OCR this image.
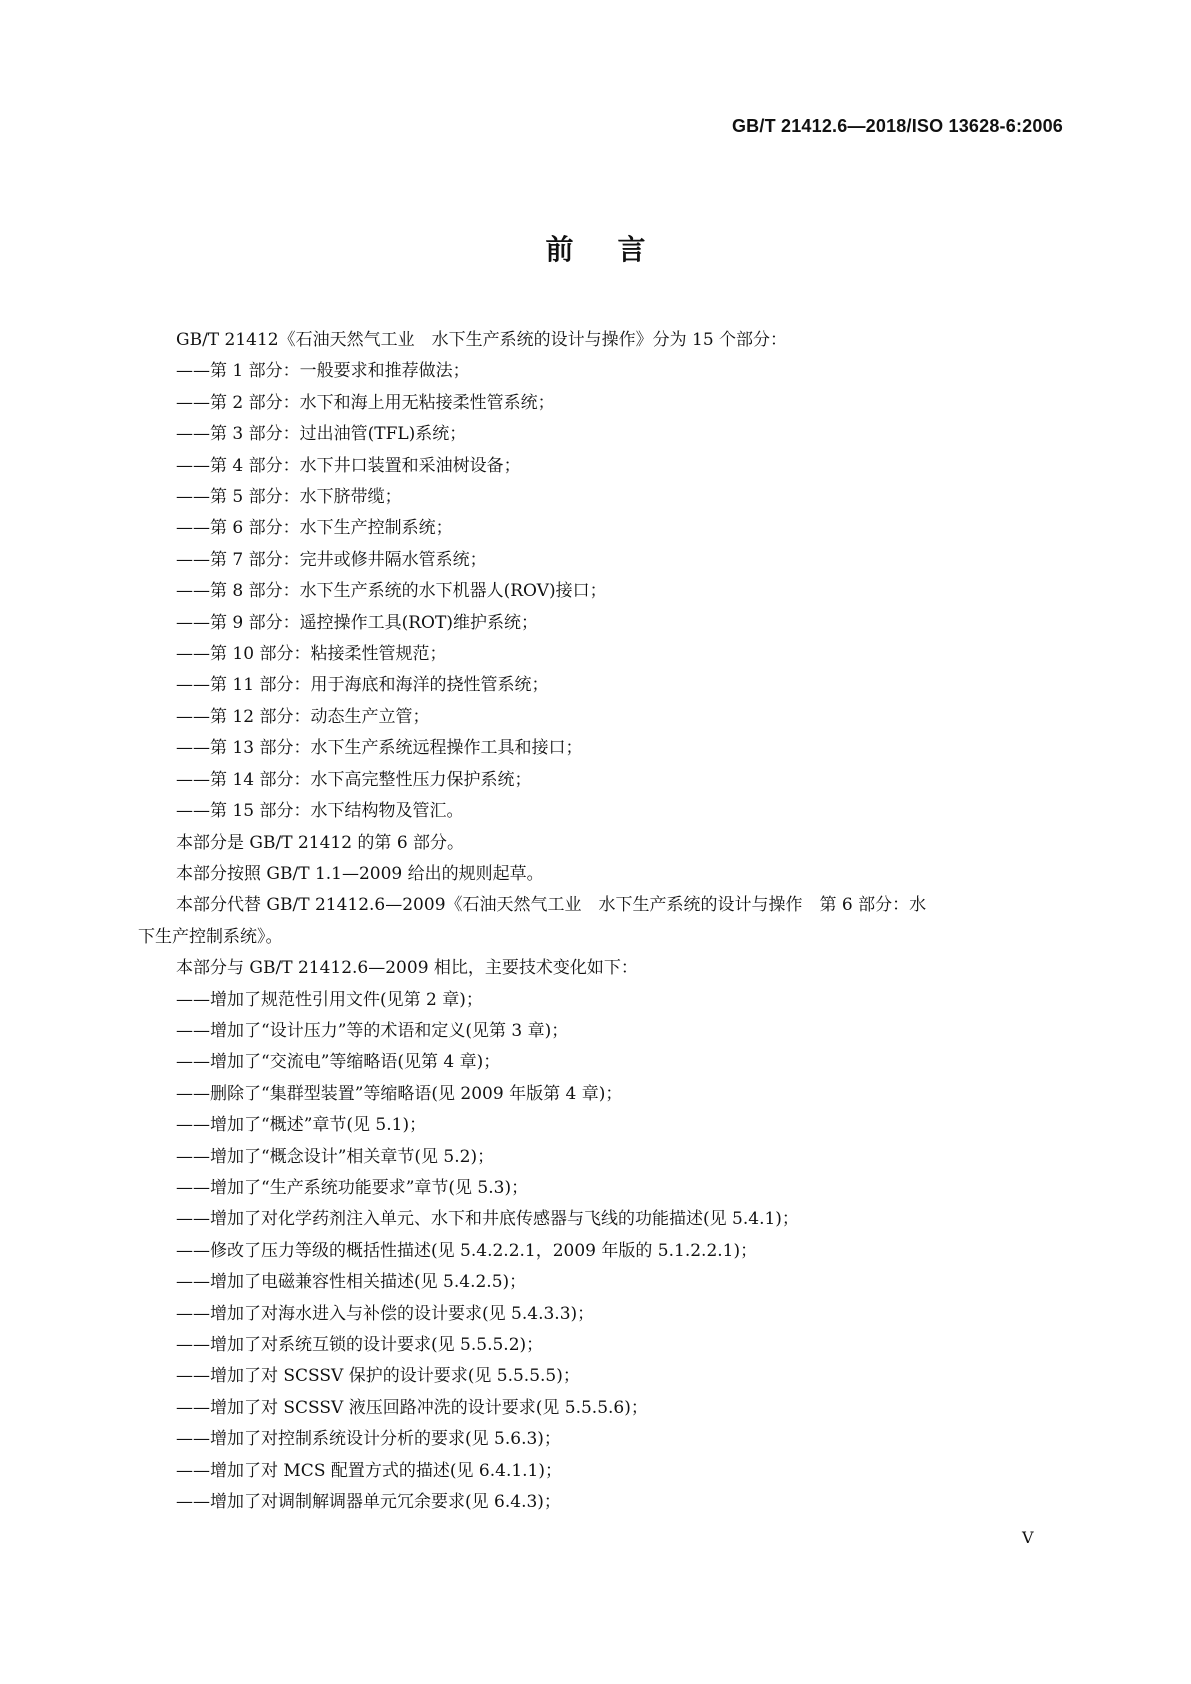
GB/T 21412.6—2018/ISO 13628-6:2006

前言

GB/T 21412《石油天然气工业　水下生产系统的设计与操作》分为 15 个部分：

——第 1 部分：一般要求和推荐做法；

——第 2 部分：水下和海上用无粘接柔性管系统；

——第 3 部分：过出油管(TFL)系统；

——第 4 部分：水下井口装置和采油树设备；

——第 5 部分：水下脐带缆；

——第 6 部分：水下生产控制系统；

——第 7 部分：完井或修井隔水管系统；

——第 8 部分：水下生产系统的水下机器人(ROV)接口；

——第 9 部分：遥控操作工具(ROT)维护系统；

——第 10 部分：粘接柔性管规范；

——第 11 部分：用于海底和海洋的挠性管系统；

——第 12 部分：动态生产立管；

——第 13 部分：水下生产系统远程操作工具和接口；

——第 14 部分：水下高完整性压力保护系统；

——第 15 部分：水下结构物及管汇。

本部分是 GB/T 21412 的第 6 部分。

本部分按照 GB/T 1.1—2009 给出的规则起草。

本部分代替 GB/T 21412.6—2009《石油天然气工业　水下生产系统的设计与操作　第 6 部分：水

下生产控制系统》。

本部分与 GB/T 21412.6—2009 相比，主要技术变化如下：

——增加了规范性引用文件(见第 2 章)；

——增加了“设计压力”等的术语和定义(见第 3 章)；

——增加了“交流电”等缩略语(见第 4 章)；

——删除了“集群型装置”等缩略语(见 2009 年版第 4 章)；

——增加了“概述”章节(见 5.1)；

——增加了“概念设计”相关章节(见 5.2)；

——增加了“生产系统功能要求”章节(见 5.3)；

——增加了对化学药剂注入单元、水下和井底传感器与飞线的功能描述(见 5.4.1)；

——修改了压力等级的概括性描述(见 5.4.2.2.1，2009 年版的 5.1.2.2.1)；

——增加了电磁兼容性相关描述(见 5.4.2.5)；

——增加了对海水进入与补偿的设计要求(见 5.4.3.3)；

——增加了对系统互锁的设计要求(见 5.5.5.2)；

——增加了对 SCSSV 保护的设计要求(见 5.5.5.5)；

——增加了对 SCSSV 液压回路冲洗的设计要求(见 5.5.5.6)；

——增加了对控制系统设计分析的要求(见 5.6.3)；

——增加了对 MCS 配置方式的描述(见 6.4.1.1)；

——增加了对调制解调器单元冗余要求(见 6.4.3)；

V
